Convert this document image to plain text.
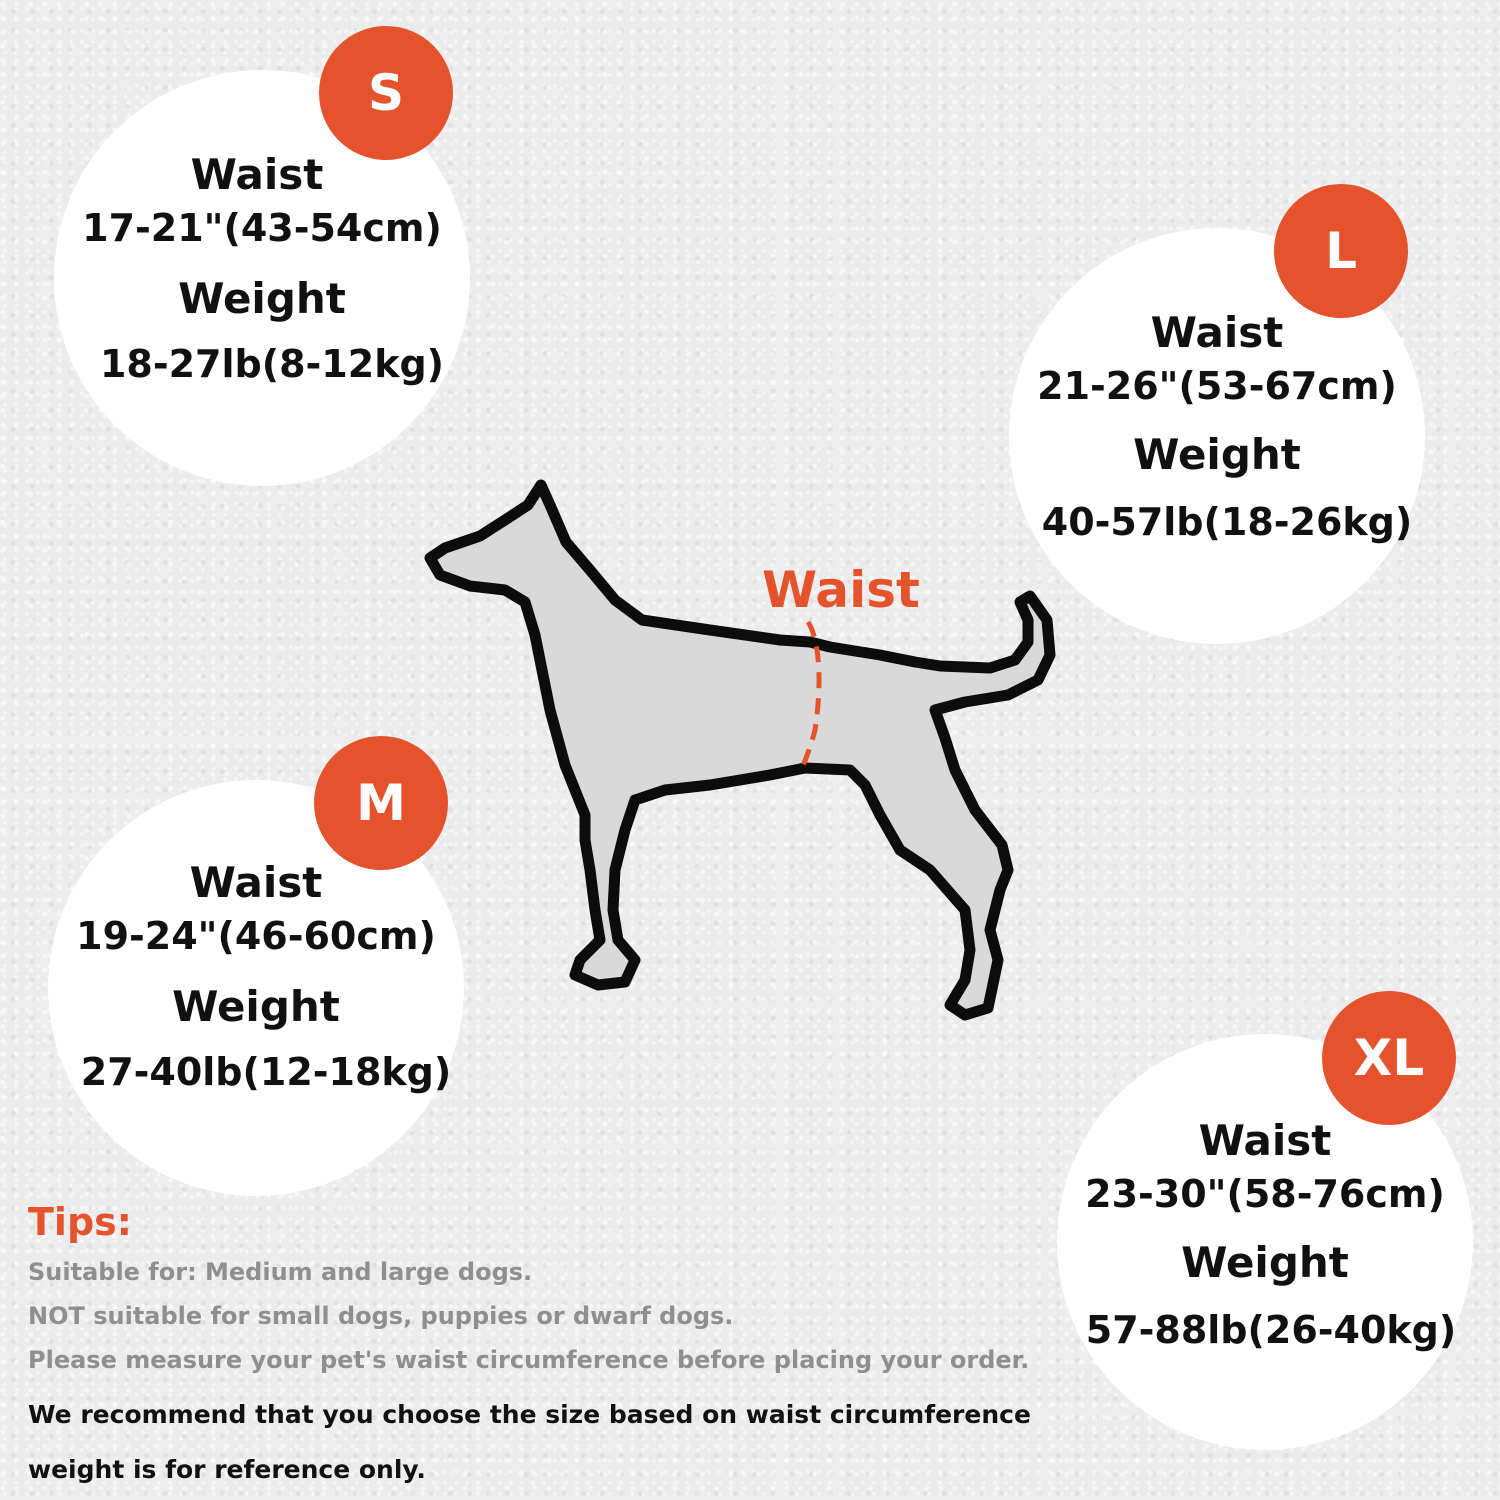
Waist
17-21"(43-54cm)
Weight
18-27lb(8-12kg)
S
Waist
21-26"(53-67cm)
Weight
40-57lb(18-26kg)
L
Waist
19-24"(46-60cm)
Weight
27-40lb(12-18kg)
M
Waist
23-30"(58-76cm)
Weight
57-88lb(26-40kg)
XL
Waist
Tips:
Suitable for: Medium and large dogs.
NOT suitable for small dogs, puppies or dwarf dogs.
Please measure your pet's waist circumference before placing your order.
We recommend that you choose the size based on waist circumference
weight is for reference only.
